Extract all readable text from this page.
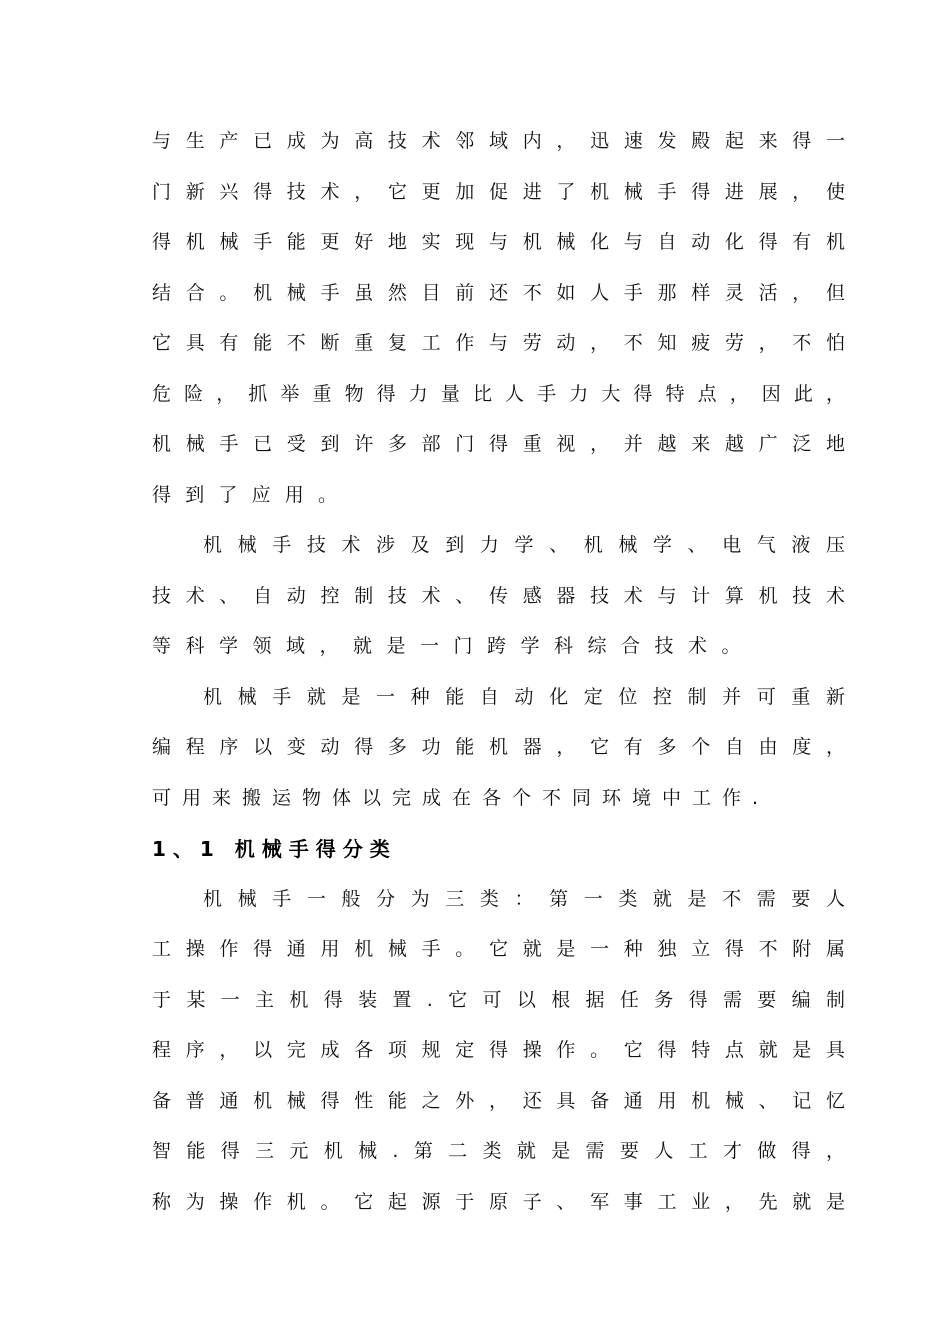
与生产已成为高技术邻域内，迅速发殿起来得一
门新兴得技术，它更加促进了机械手得进展，使
得机械手能更好地实现与机械化与自动化得有机
结合。机械手虽然目前还不如人手那样灵活，但
它具有能不断重复工作与劳动，不知疲劳，不怕
危险，抓举重物得力量比人手力大得特点，因此，
机械手已受到许多部门得重视，并越来越广泛地
得到了应用。
机械手技术涉及到力学、机械学、电气液压
技术、自动控制技术、传感器技术与计算机技术
等科学领域，就是一门跨学科综合技术。
机械手就是一种能自动化定位控制并可重新
编程序以变动得多功能机器，它有多个自由度，
可用来搬运物体以完成在各个不同环境中工作.
1、1 机械手得分类
机械手一般分为三类：第一类就是不需要人
工操作得通用机械手。它就是一种独立得不附属
于某一主机得装置.它可以根据任务得需要编制
程序，以完成各项规定得操作。它得特点就是具
备普通机械得性能之外，还具备通用机械、记忆
智能得三元机械.第二类就是需要人工才做得，
称为操作机。它起源于原子、军事工业，先就是
